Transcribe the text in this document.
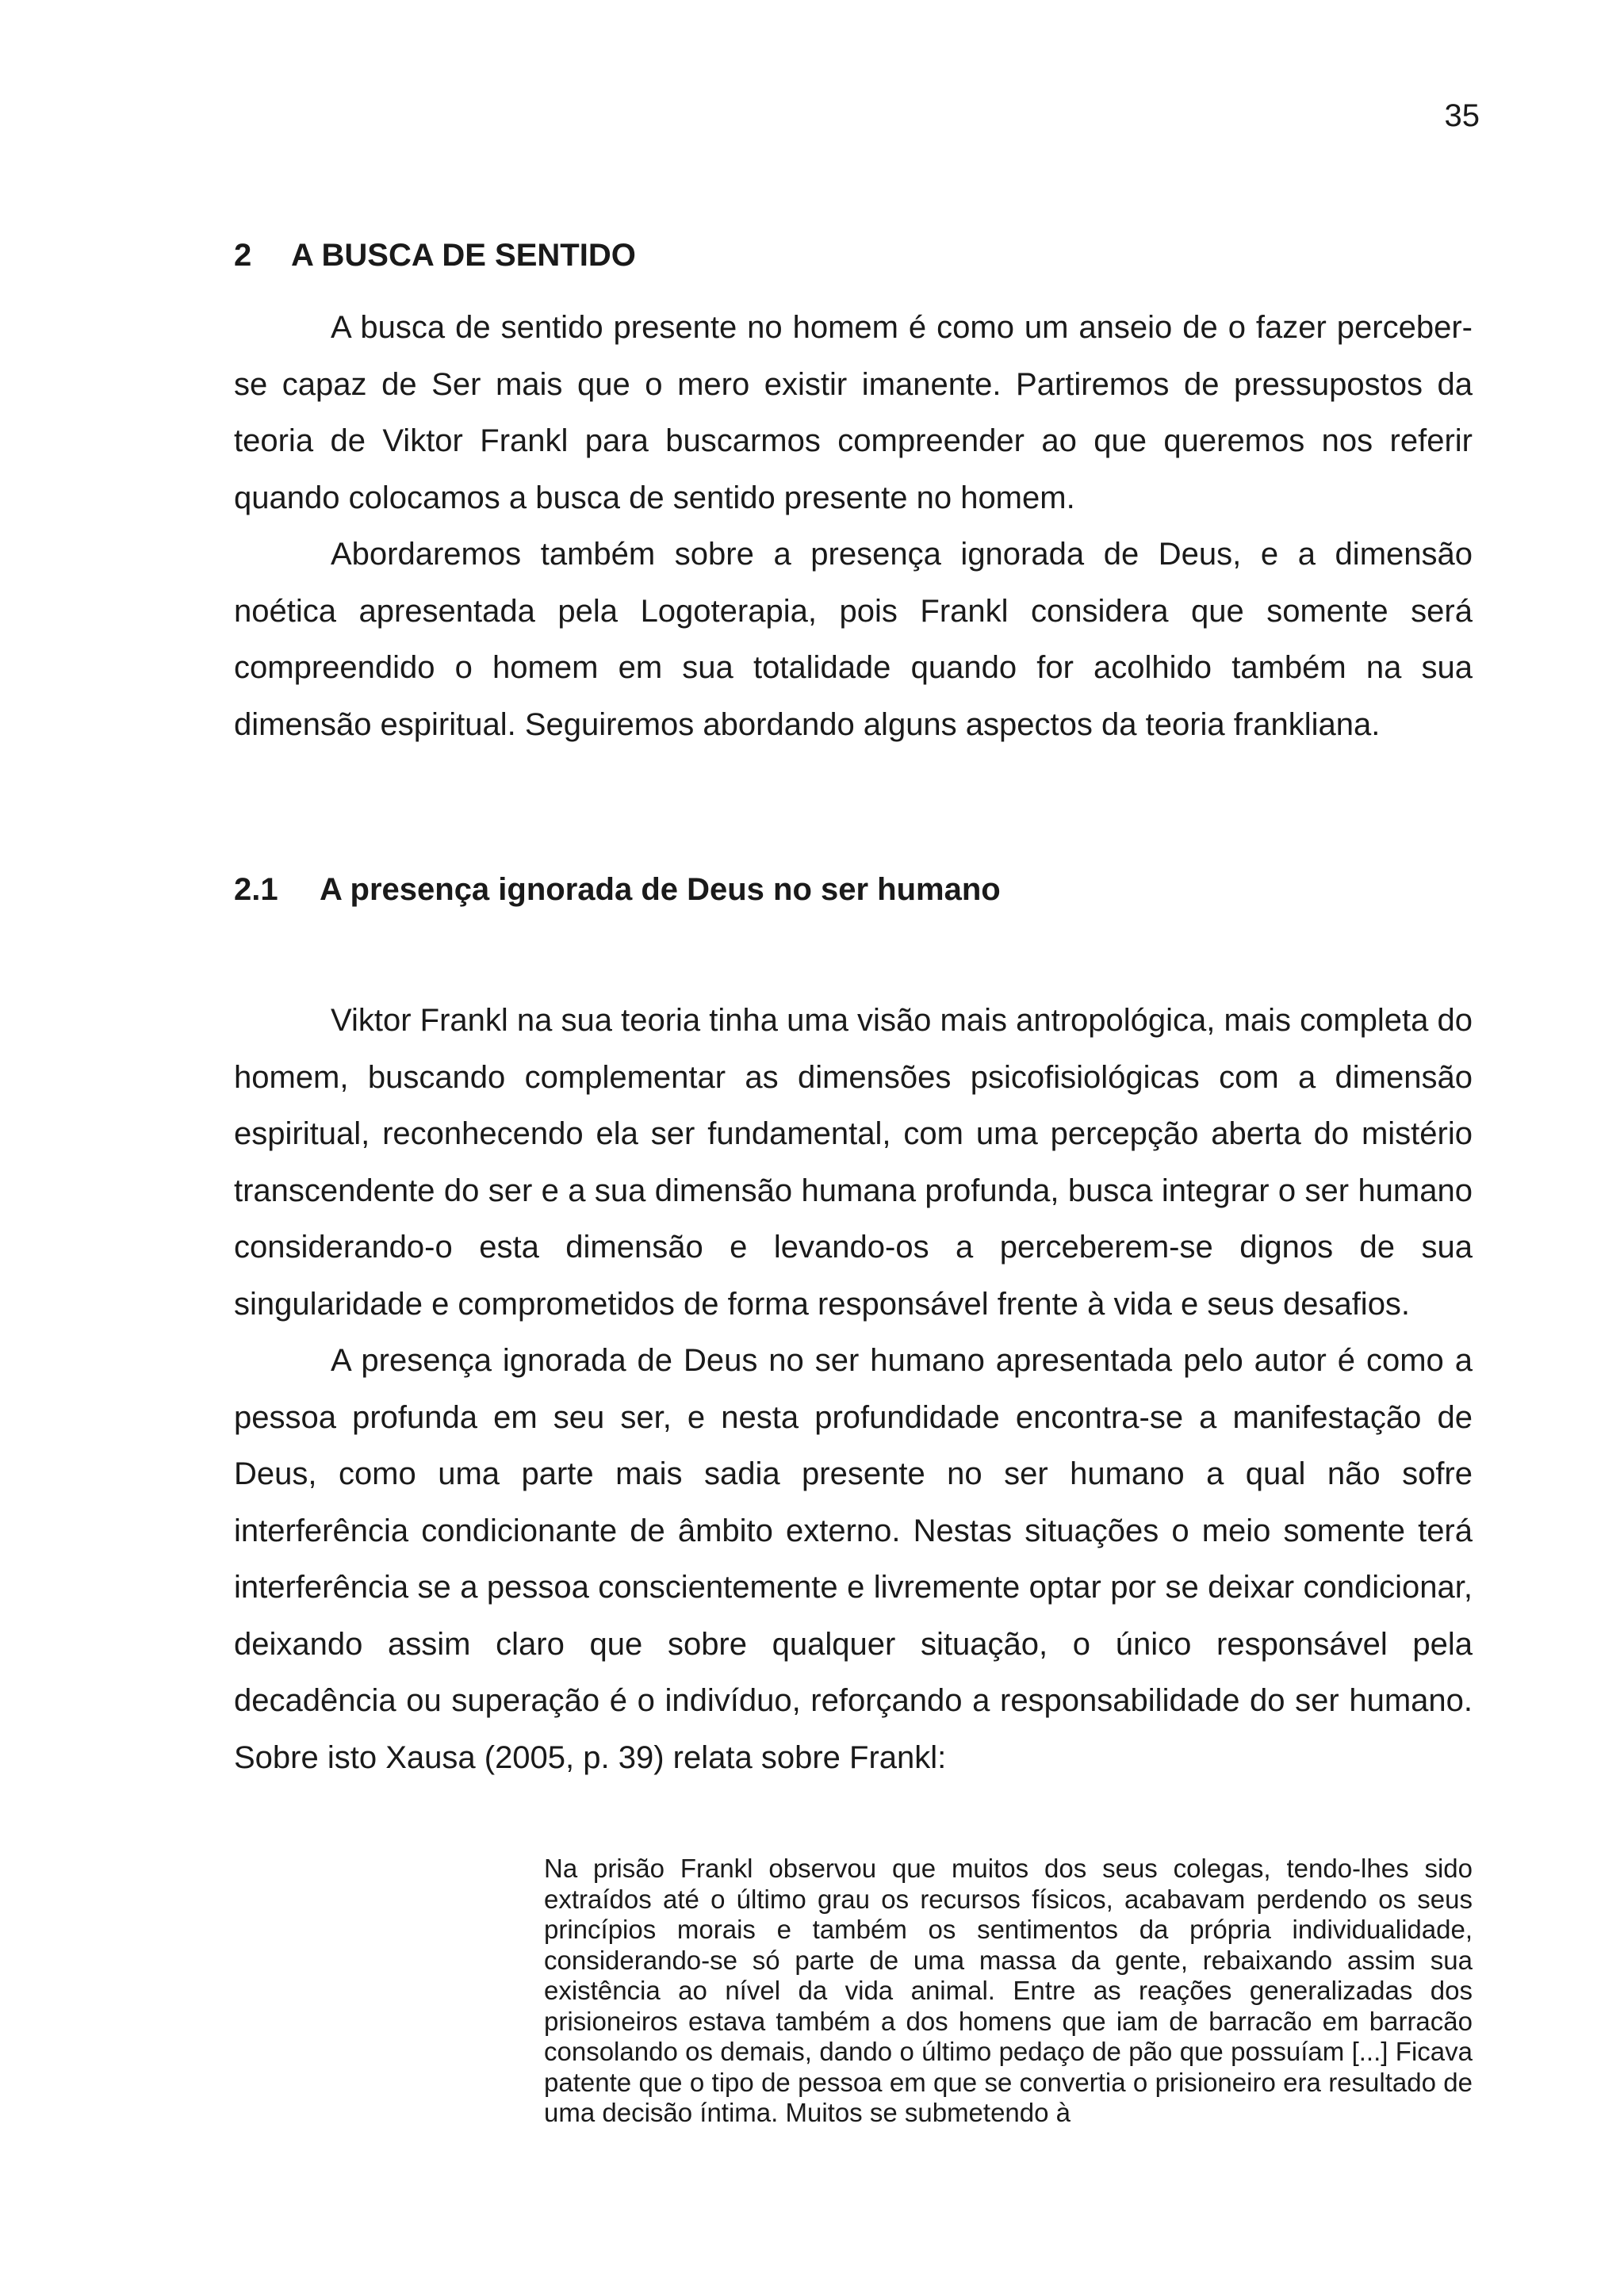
35
2 A BUSCA DE SENTIDO

A busca de sentido presente no homem é como um anseio de o fazer perceber-se capaz de Ser mais que o mero existir imanente. Partiremos de pressupostos da teoria de Viktor Frankl para buscarmos compreender ao que queremos nos referir quando colocamos a busca de sentido presente no homem.

Abordaremos também sobre a presença ignorada de Deus, e a dimensão noética apresentada pela Logoterapia, pois Frankl considera que somente será compreendido o homem em sua totalidade quando for acolhido também na sua dimensão espiritual. Seguiremos abordando alguns aspectos da teoria frankliana.

2.1 A presença ignorada de Deus no ser humano

Viktor Frankl na sua teoria tinha uma visão mais antropológica, mais completa do homem, buscando complementar as dimensões psicofisiológicas com a dimensão espiritual, reconhecendo ela ser fundamental, com uma percepção aberta do mistério transcendente do ser e a sua dimensão humana profunda, busca integrar o ser humano considerando-o esta dimensão e levando-os a perceberem-se dignos de sua singularidade e comprometidos de forma responsável frente à vida e seus desafios.

A presença ignorada de Deus no ser humano apresentada pelo autor é como a pessoa profunda em seu ser, e nesta profundidade encontra-se a manifestação de Deus, como uma parte mais sadia presente no ser humano a qual não sofre interferência condicionante de âmbito externo. Nestas situações o meio somente terá interferência se a pessoa conscientemente e livremente optar por se deixar condicionar, deixando assim claro que sobre qualquer situação, o único responsável pela decadência ou superação é o indivíduo, reforçando a responsabilidade do ser humano. Sobre isto Xausa (2005, p. 39) relata sobre Frankl:

Na prisão Frankl observou que muitos dos seus colegas, tendo-lhes sido extraídos até o último grau os recursos físicos, acabavam perdendo os seus princípios morais e também os sentimentos da própria individualidade, considerando-se só parte de uma massa da gente, rebaixando assim sua existência ao nível da vida animal. Entre as reações generalizadas dos prisioneiros estava também a dos homens que iam de barracão em barracão consolando os demais, dando o último pedaço de pão que possuíam [...] Ficava patente que o tipo de pessoa em que se convertia o prisioneiro era resultado de uma decisão íntima. Muitos se submetendo à
